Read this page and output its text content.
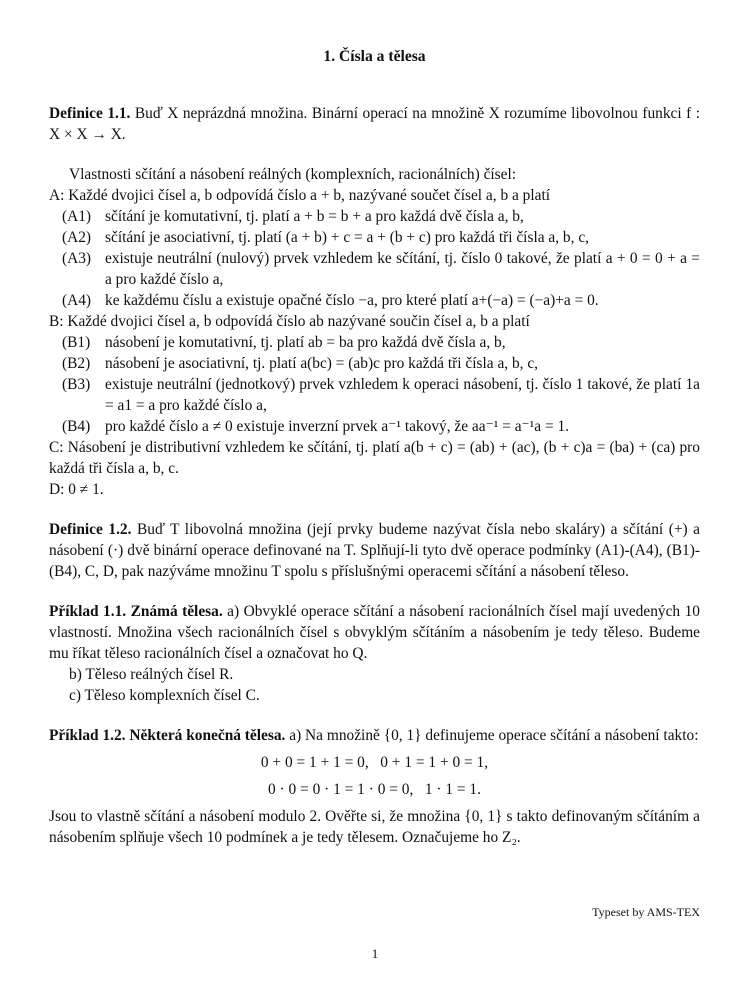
1. Čísla a tělesa

Definice 1.1. Buď X neprázdná množina. Binární operací na množině X rozumíme libovolnou funkci f : X × X → X.

Vlastnosti sčítání a násobení reálných (komplexních, racionálních) čísel:

A: Každé dvojici čísel a, b odpovídá číslo a + b, nazývané součet čísel a, b a platí

(A1) sčítání je komutativní, tj. platí a + b = b + a pro každá dvě čísla a, b,
(A2) sčítání je asociativní, tj. platí (a + b) + c = a + (b + c) pro každá tři čísla a, b, c,
(A3) existuje neutrální (nulový) prvek vzhledem ke sčítání, tj. číslo 0 takové, že platí a + 0 = 0 + a = a pro každé číslo a,
(A4) ke každému číslu a existuje opačné číslo −a, pro které platí a+(−a) = (−a)+a = 0.

B: Každé dvojici čísel a, b odpovídá číslo ab nazývané součin čísel a, b a platí

(B1) násobení je komutativní, tj. platí ab = ba pro každá dvě čísla a, b,
(B2) násobení je asociativní, tj. platí a(bc) = (ab)c pro každá tři čísla a, b, c,
(B3) existuje neutrální (jednotkový) prvek vzhledem k operaci násobení, tj. číslo 1 takové, že platí 1a = a1 = a pro každé číslo a,
(B4) pro každé číslo a ≠ 0 existuje inverzní prvek a⁻¹ takový, že aa⁻¹ = a⁻¹a = 1.

C: Násobení je distributivní vzhledem ke sčítání, tj. platí a(b + c) = (ab) + (ac), (b + c)a = (ba) + (ca) pro každá tři čísla a, b, c.

D: 0 ≠ 1.

Definice 1.2. Buď T libovolná množina (její prvky budeme nazývat čísla nebo skaláry) a sčítání (+) a násobení (·) dvě binární operace definované na T. Splňují-li tyto dvě operace podmínky (A1)-(A4), (B1)-(B4), C, D, pak nazýváme množinu T spolu s příslušnými operacemi sčítání a násobení těleso.

Příklad 1.1. Známá tělesa. a) Obvyklé operace sčítání a násobení racionálních čísel mají uvedených 10 vlastností. Množina všech racionálních čísel s obvyklým sčítáním a násobením je tedy těleso. Budeme mu říkat těleso racionálních čísel a označovat ho Q.

b) Těleso reálných čísel R.

c) Těleso komplexních čísel C.

Příklad 1.2. Některá konečná tělesa. a) Na množině {0, 1} definujeme operace sčítání a násobení takto:

0 + 0 = 1 + 1 = 0,   0 + 1 = 1 + 0 = 1,
0 · 0 = 0 · 1 = 1 · 0 = 0,   1 · 1 = 1.

Jsou to vlastně sčítání a násobení modulo 2. Ověřte si, že množina {0, 1} s takto definovaným sčítáním a násobením splňuje všech 10 podmínek a je tedy tělesem. Označujeme ho Z₂.

Typeset by AMS-TEX
1
